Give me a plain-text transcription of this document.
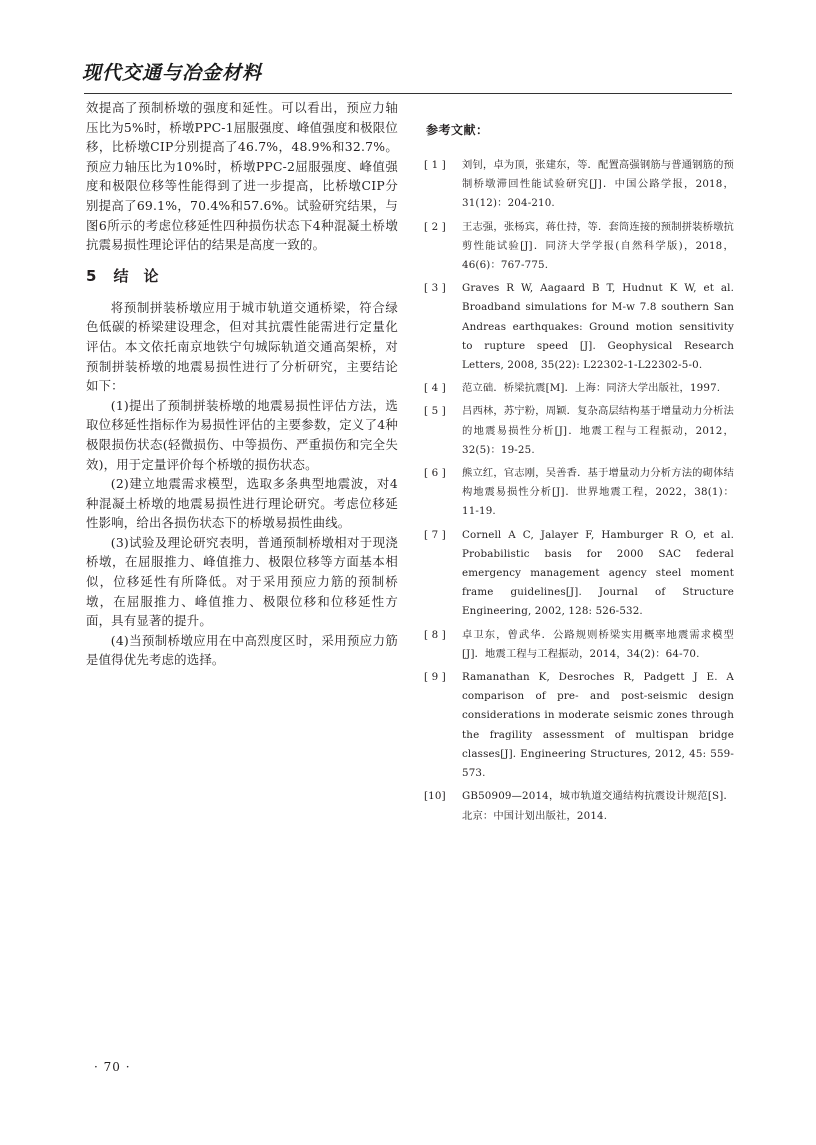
现代交通与冶金材料

效提高了预制桥墩的强度和延性。可以看出，预应力轴压比为5%时，桥墩PPC-1屈服强度、峰值强度和极限位移，比桥墩CIP分别提高了46.7%，48.9%和32.7%。预应力轴压比为10%时，桥墩PPC-2屈服强度、峰值强度和极限位移等性能得到了进一步提高，比桥墩CIP分别提高了69.1%，70.4%和57.6%。试验研究结果，与图6所示的考虑位移延性四种损伤状态下4种混凝土桥墩抗震易损性理论评估的结果是高度一致的。

5 结 论

将预制拼装桥墩应用于城市轨道交通桥梁，符合绿色低碳的桥梁建设理念，但对其抗震性能需进行定量化评估。本文依托南京地铁宁句城际轨道交通高架桥，对预制拼装桥墩的地震易损性进行了分析研究，主要结论如下：

(1)提出了预制拼装桥墩的地震易损性评估方法，选取位移延性指标作为易损性评估的主要参数，定义了4种极限损伤状态(轻微损伤、中等损伤、严重损伤和完全失效)，用于定量评价每个桥墩的损伤状态。

(2)建立地震需求模型，选取多条典型地震波，对4种混凝土桥墩的地震易损性进行理论研究。考虑位移延性影响，给出各损伤状态下的桥墩易损性曲线。

(3)试验及理论研究表明，普通预制桥墩相对于现浇桥墩，在屈服推力、峰值推力、极限位移等方面基本相似，位移延性有所降低。对于采用预应力筋的预制桥墩，在屈服推力、峰值推力、极限位移和位移延性方面，具有显著的提升。

(4)当预制桥墩应用在中高烈度区时，采用预应力筋是值得优先考虑的选择。

参考文献：
[ 1 ]	刘钊，卓为顶，张建东，等．配置高强钢筋与普通钢筋的预制桥墩滞回性能试验研究[J]．中国公路学报，2018，31(12)：204-210.
[ 2 ]	王志强，张杨宾，蒋仕持，等．套筒连接的预制拼装桥墩抗剪性能试验[J]．同济大学学报(自然科学版)，2018，46(6)：767-775.
[ 3 ]	Graves R W, Aagaard B T, Hudnut K W, et al. Broadband simulations for M-w 7.8 southern San Andreas earthquakes: Ground motion sensitivity to rupture speed [J]. Geophysical Research Letters, 2008, 35(22): L22302-1-L22302-5-0.
[ 4 ]	范立础．桥梁抗震[M]．上海：同济大学出版社，1997.
[ 5 ]	吕西林，苏宁粉，周颖．复杂高层结构基于增量动力分析法的地震易损性分析[J]．地震工程与工程振动，2012，32(5)：19-25.
[ 6 ]	熊立红，官志刚，吴善香．基于增量动力分析方法的砌体结构地震易损性分析[J]．世界地震工程，2022，38(1)：11-19.
[ 7 ]	Cornell A C, Jalayer F, Hamburger R O, et al. Probabilistic basis for 2000 SAC federal emergency management agency steel moment frame guidelines[J]. Journal of Structure Engineering, 2002, 128: 526-532.
[ 8 ]	卓卫东，曾武华．公路规则桥梁实用概率地震需求模型[J]．地震工程与工程振动，2014，34(2)：64-70.
[ 9 ]	Ramanathan K, Desroches R, Padgett J E. A comparison of pre- and post-seismic design considerations in moderate seismic zones through the fragility assessment of multispan bridge classes[J]. Engineering Structures, 2012, 45: 559-573.
[10]	GB50909—2014，城市轨道交通结构抗震设计规范[S]．北京：中国计划出版社，2014.
· 70 ·
